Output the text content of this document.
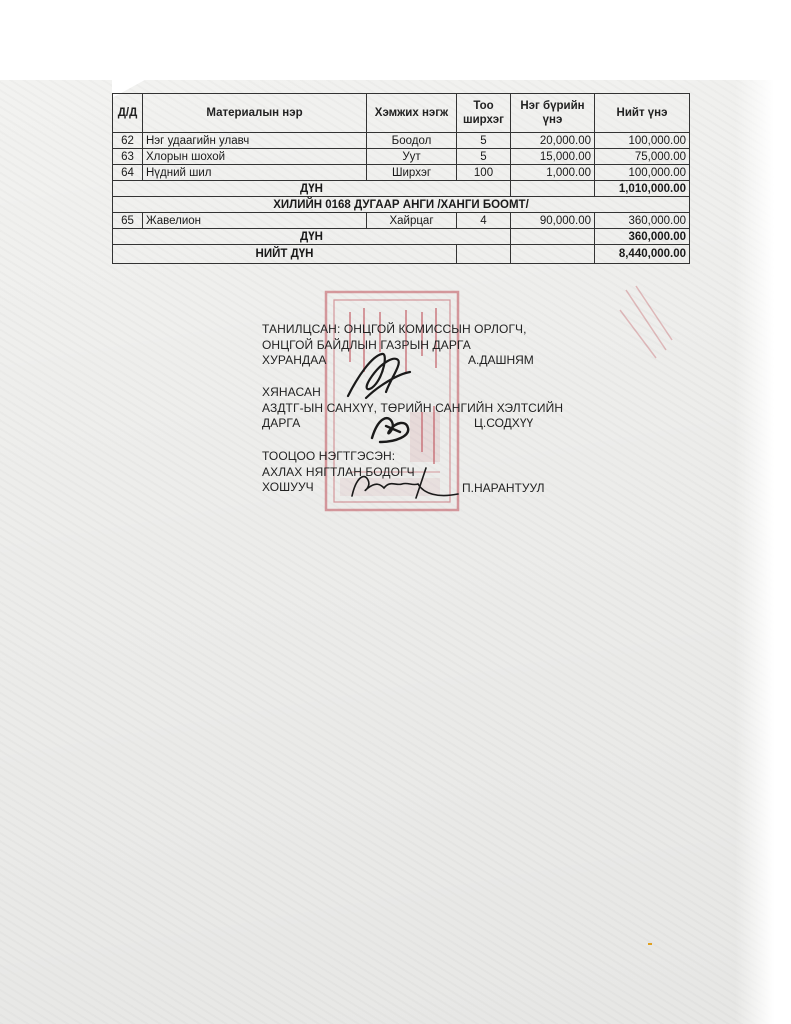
Д/Д	Материалын нэр	Хэмжих нэгж	Тоо ширхэг	Нэг бүрийн үнэ	Нийт үнэ
62	Нэг удаагийн улавч	Боодол	5	20,000.00	100,000.00
63	Хлорын шохой	Уут	5	15,000.00	75,000.00
64	Нүдний шил	Ширхэг	100	1,000.00	100,000.00
ДҮН					1,010,000.00
ХИЛИЙН 0168 ДУГААР АНГИ /ХАНГИ БООМТ/					
65	Жавелион	Хайрцаг	4	90,000.00	360,000.00
ДҮН					360,000.00
НИЙТ ДҮН					8,440,000.00
ТАНИЛЦСАН: ОНЦГОЙ КОМИССЫН ОРЛОГЧ,
ОНЦГОЙ БАЙДЛЫН ГАЗРЫН ДАРГА
ХУРАНДАА	А.ДАШНЯМ
ХЯНАСАН
АЗДТГ-ЫН САНХҮҮ, ТӨРИЙН САНГИЙН ХЭЛТСИЙН
ДАРГА	Ц.СОДХҮҮ
ТООЦОО НЭГТГЭСЭН:
АХЛАХ НЯГТЛАН БОДОГЧ
ХОШУУЧ	П.НАРАНТУУЛ
